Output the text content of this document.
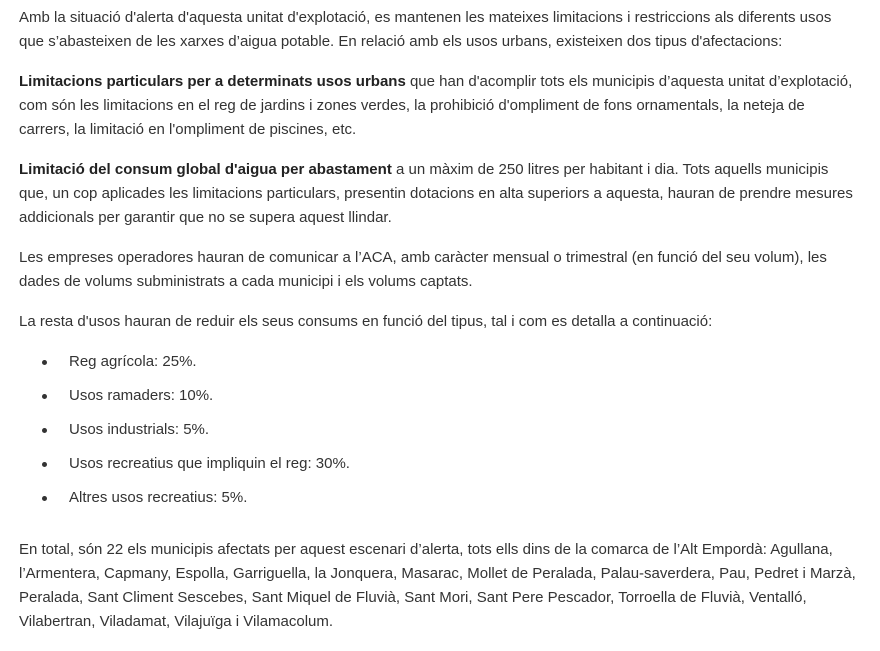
Amb la situació d'alerta d'aquesta unitat d'explotació, es mantenen les mateixes limitacions i restriccions als diferents usos que s’abasteixen de les xarxes d’aigua potable. En relació amb els usos urbans, existeixen dos tipus d'afectacions:

Limitacions particulars per a determinats usos urbans que han d'acomplir tots els municipis d’aquesta unitat d’explotació, com són les limitacions en el reg de jardins i zones verdes, la prohibició d'ompliment de fons ornamentals, la neteja de carrers, la limitació en l'ompliment de piscines, etc.

Limitació del consum global d'aigua per abastament a un màxim de 250 litres per habitant i dia. Tots aquells municipis que, un cop aplicades les limitacions particulars, presentin dotacions en alta superiors a aquesta, hauran de prendre mesures addicionals per garantir que no se supera aquest llindar.

Les empreses operadores hauran de comunicar a l’ACA, amb caràcter mensual o trimestral (en funció del seu volum), les dades de volums subministrats a cada municipi i els volums captats.

La resta d'usos hauran de reduir els seus consums en funció del tipus, tal i com es detalla a continuació:

Reg agrícola: 25%.
Usos ramaders: 10%.
Usos industrials: 5%.
Usos recreatius que impliquin el reg: 30%.
Altres usos recreatius: 5%.

En total, són 22 els municipis afectats per aquest escenari d’alerta, tots ells dins de la comarca de l’Alt Empordà: Agullana, l’Armentera, Capmany, Espolla, Garriguella, la Jonquera, Masarac, Mollet de Peralada, Palau-saverdera, Pau, Pedret i Marzà, Peralada, Sant Climent Sescebes, Sant Miquel de Fluvià, Sant Mori, Sant Pere Pescador, Torroella de Fluvià, Ventalló, Vilabertran, Viladamat, Vilajuïga i Vilamacolum.
